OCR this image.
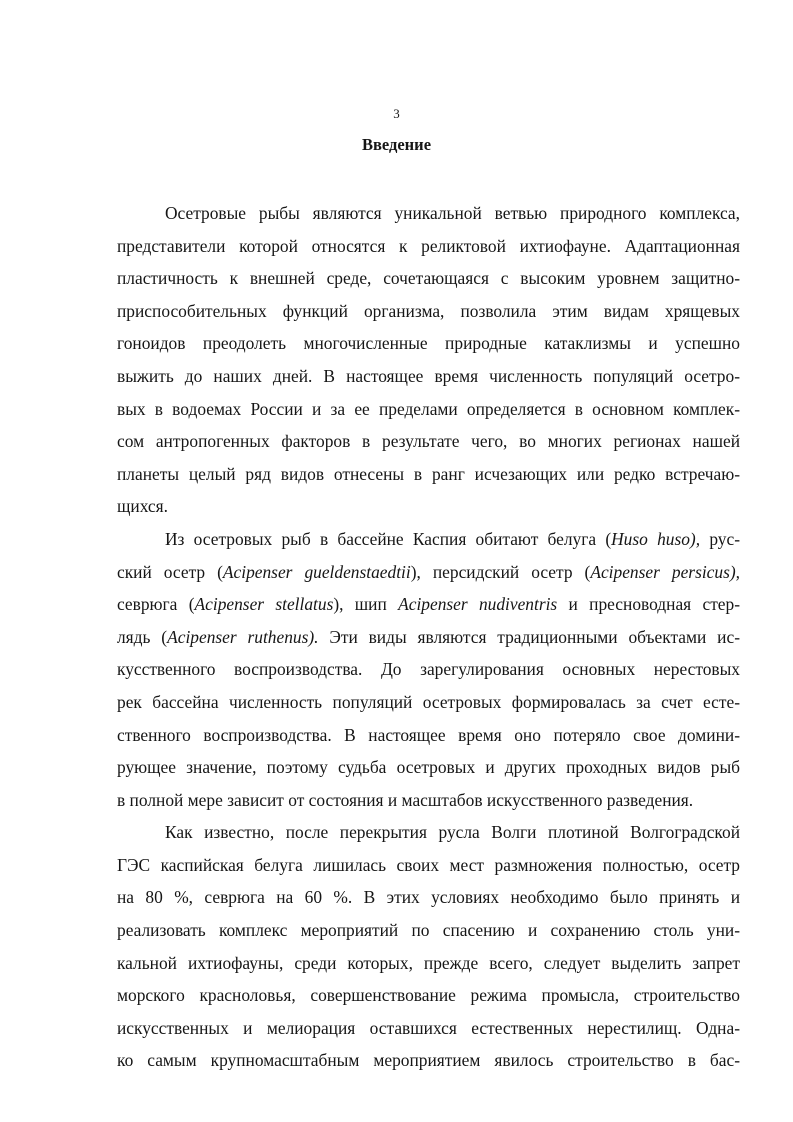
3
Введение

Осетровые рыбы являются уникальной ветвью природного комплекса,
представители которой относятся к реликтовой ихтиофауне. Адаптационная
пластичность к внешней среде, сочетающаяся с высоким уровнем защитно-
приспособительных функций организма, позволила этим видам хрящевых
гоноидов преодолеть многочисленные природные катаклизмы и успешно
выжить до наших дней. В настоящее время численность популяций осетро-
вых в водоемах России и за ее пределами определяется в основном комплек-
сом антропогенных факторов в результате чего, во многих регионах нашей
планеты целый ряд видов отнесены в ранг исчезающих или редко встречаю-
щихся.

Из осетровых рыб в бассейне Каспия обитают белуга (Huso huso), рус-
ский осетр (Acipenser gueldenstaedtii), персидский осетр (Acipenser persicus),
севрюга (Acipenser stellatus), шип Acipenser nudiventris и пресноводная стер-
лядь (Acipenser ruthenus). Эти виды являются традиционными объектами ис-
кусственного воспроизводства. До зарегулирования основных нерестовых
рек бассейна численность популяций осетровых формировалась за счет есте-
ственного воспроизводства. В настоящее время оно потеряло свое домини-
рующее значение, поэтому судьба осетровых и других проходных видов рыб
в полной мере зависит от состояния и масштабов искусственного разведения.

Как известно, после перекрытия русла Волги плотиной Волгоградской
ГЭС каспийская белуга лишилась своих мест размножения полностью, осетр
на 80 %, севрюга на 60 %. В этих условиях необходимо было принять и
реализовать комплекс мероприятий по спасению и сохранению столь уни-
кальной ихтиофауны, среди которых, прежде всего, следует выделить запрет
морского красноловья, совершенствование режима промысла, строительство
искусственных и мелиорация оставшихся естественных нерестилищ. Одна-
ко самым крупномасштабным мероприятием явилось строительство в бас-
